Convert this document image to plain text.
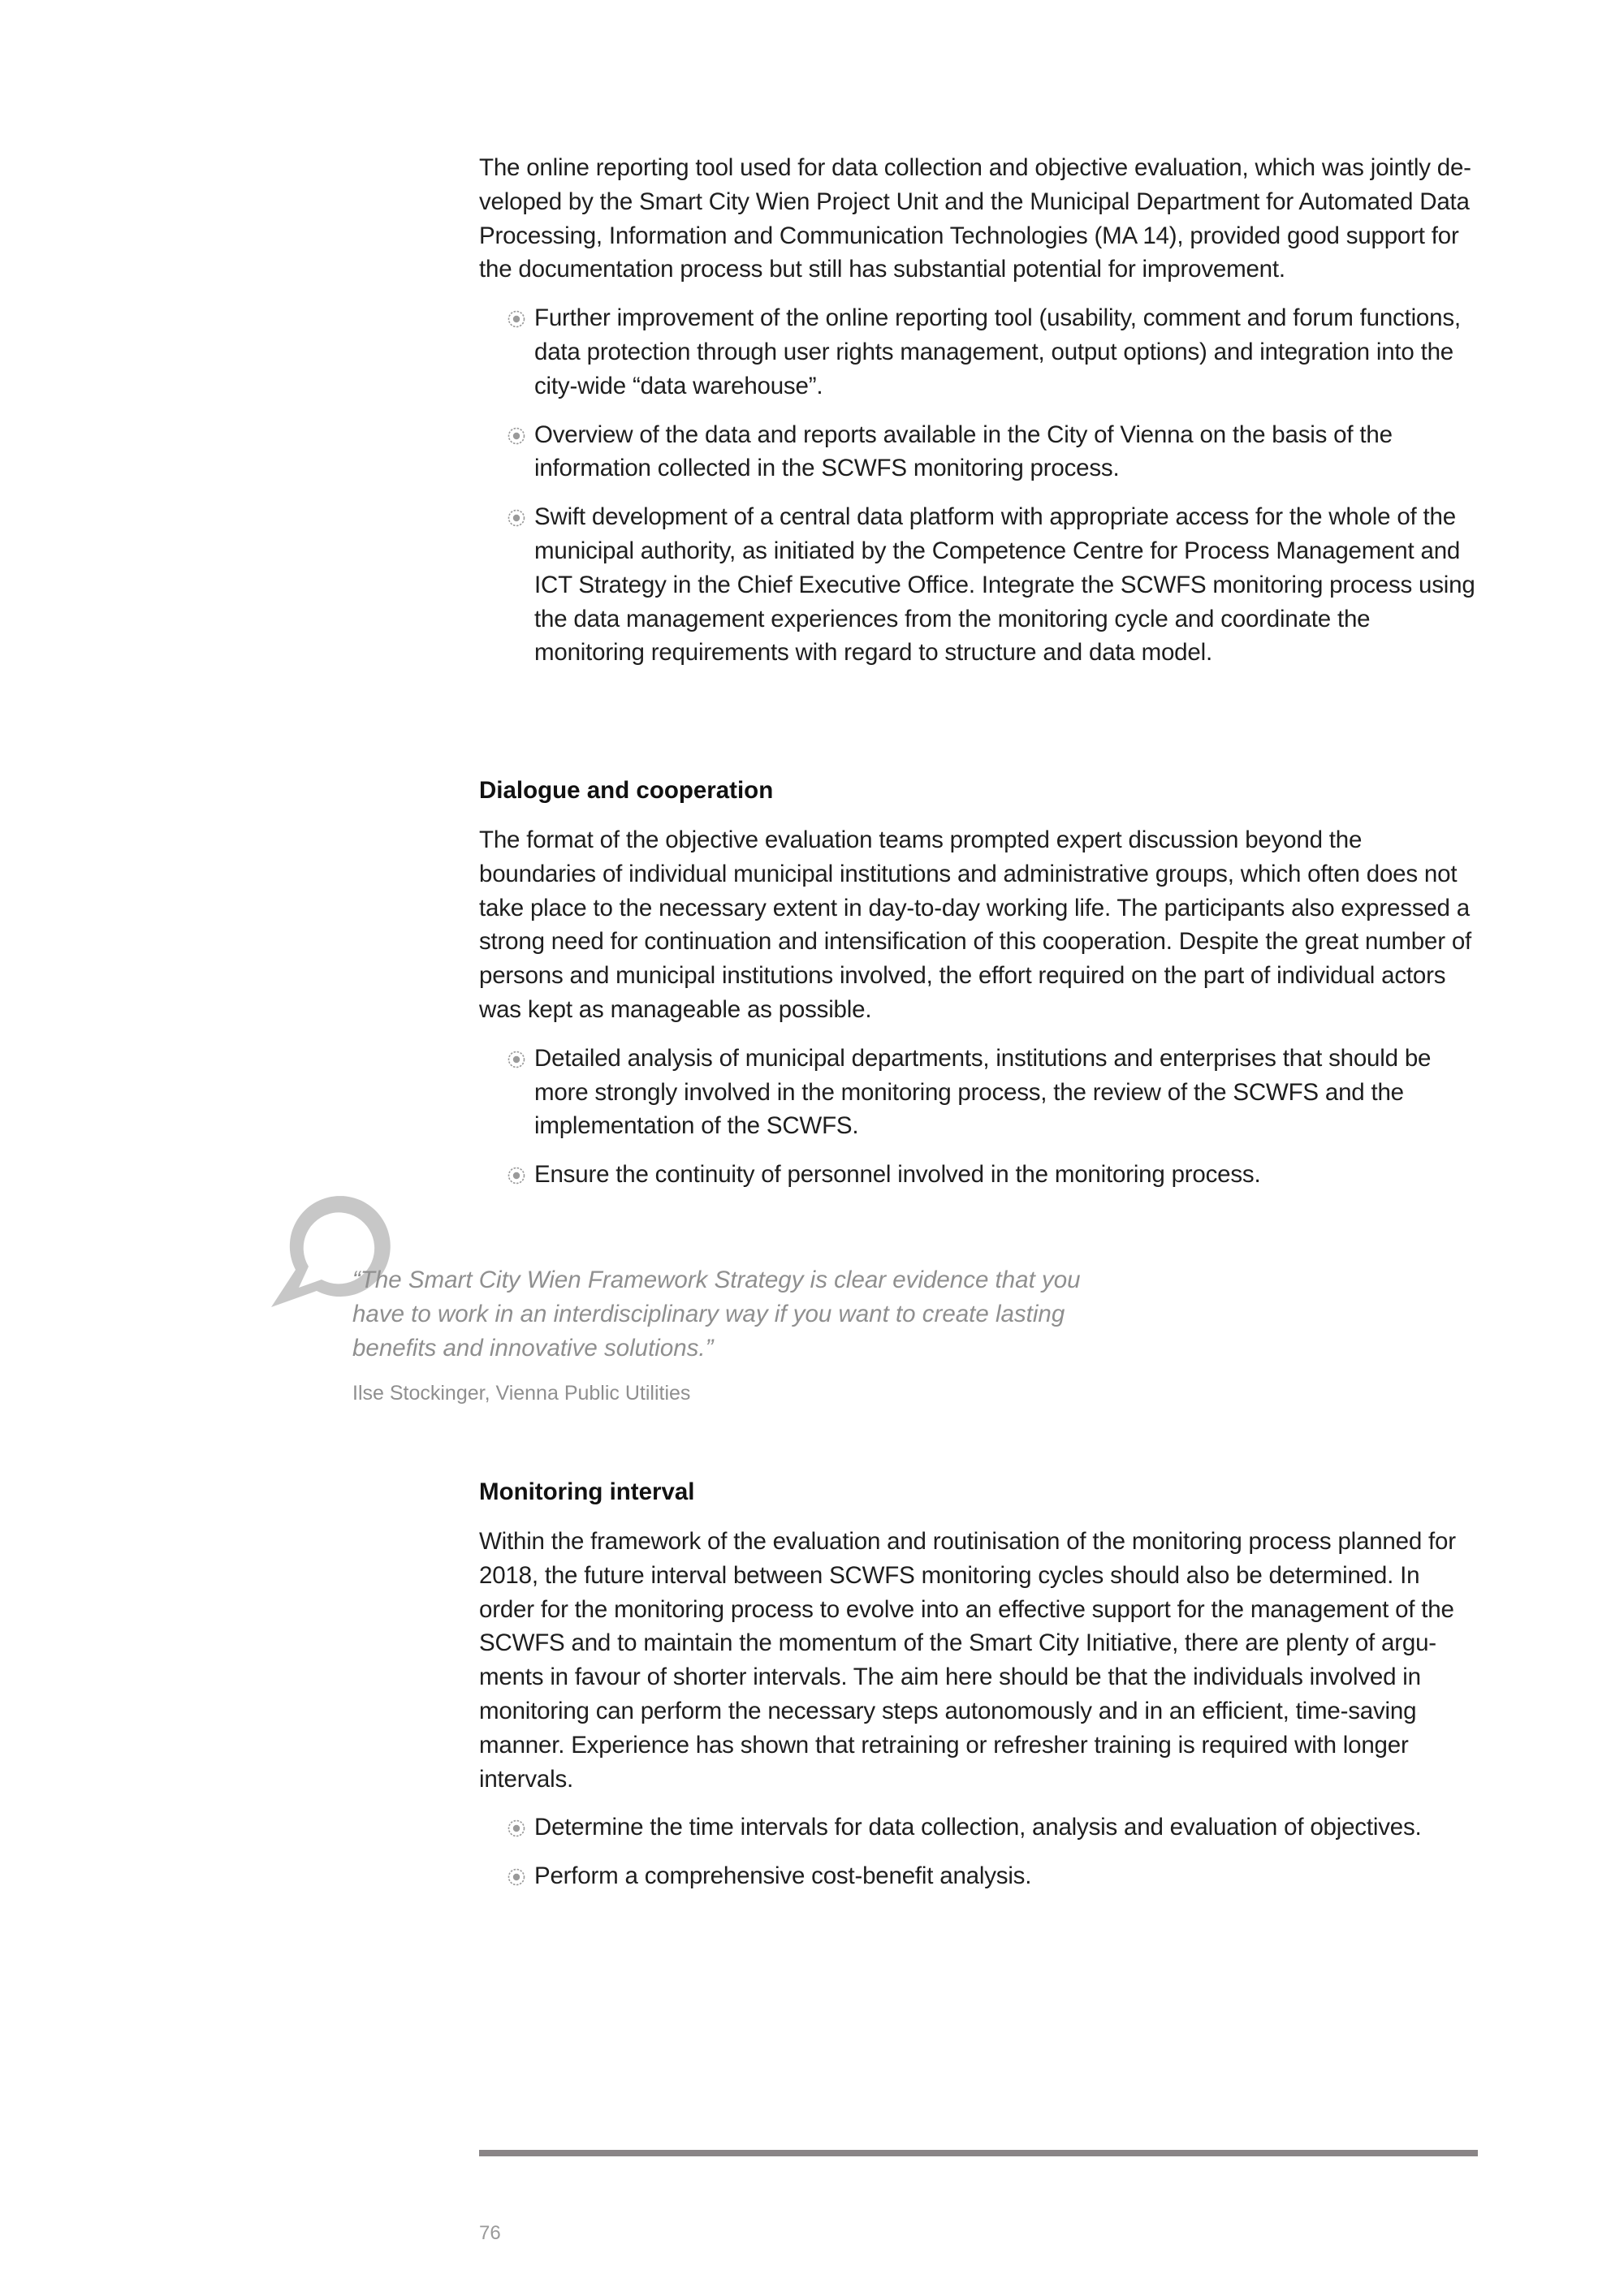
The online reporting tool used for data collection and objective evaluation, which was jointly developed by the Smart City Wien Project Unit and the Municipal Department for Automated Data Processing, Information and Communication Technologies (MA 14), provided good support for the documentation process but still has substantial potential for improvement.

Further improvement of the online reporting tool (usability, comment and forum functions, data protection through user rights management, output options) and integration into the city-wide “data warehouse”.
Overview of the data and reports available in the City of Vienna on the basis of the information collected in the SCWFS monitoring process.
Swift development of a central data platform with appropriate access for the whole of the municipal authority, as initiated by the Competence Centre for Process Management and ICT Strategy in the Chief Executive Office. Integrate the SCWFS monitoring process using the data management experiences from the monitoring cycle and coordinate the monitoring requirements with regard to structure and data model.
Dialogue and cooperation

The format of the objective evaluation teams prompted expert discussion beyond the boundaries of individual municipal institutions and administrative groups, which often does not take place to the necessary extent in day-to-day working life. The participants also expressed a strong need for continuation and intensification of this cooperation. Despite the great number of persons and municipal institutions involved, the effort required on the part of individual actors was kept as manageable as possible.

Detailed analysis of municipal departments, institutions and enterprises that should be more strongly involved in the monitoring process, the review of the SCWFS and the implementation of the SCWFS.
Ensure the continuity of personnel involved in the monitoring process.
“The Smart City Wien Framework Strategy is clear evidence that you have to work in an interdisciplinary way if you want to create lasting benefits and innovative solutions.”
Ilse Stockinger, Vienna Public Utilities
Monitoring interval

Within the framework of the evaluation and routinisation of the monitoring process planned for 2018, the future interval between SCWFS monitoring cycles should also be determined. In order for the monitoring process to evolve into an effective support for the management of the SCWFS and to maintain the momentum of the Smart City Initiative, there are plenty of arguments in favour of shorter intervals. The aim here should be that the individuals involved in monitoring can perform the necessary steps autonomously and in an efficient, time-saving manner. Experience has shown that retraining or refresher training is required with longer intervals.

Determine the time intervals for data collection, analysis and evaluation of objectives.
Perform a comprehensive cost-benefit analysis.
76
